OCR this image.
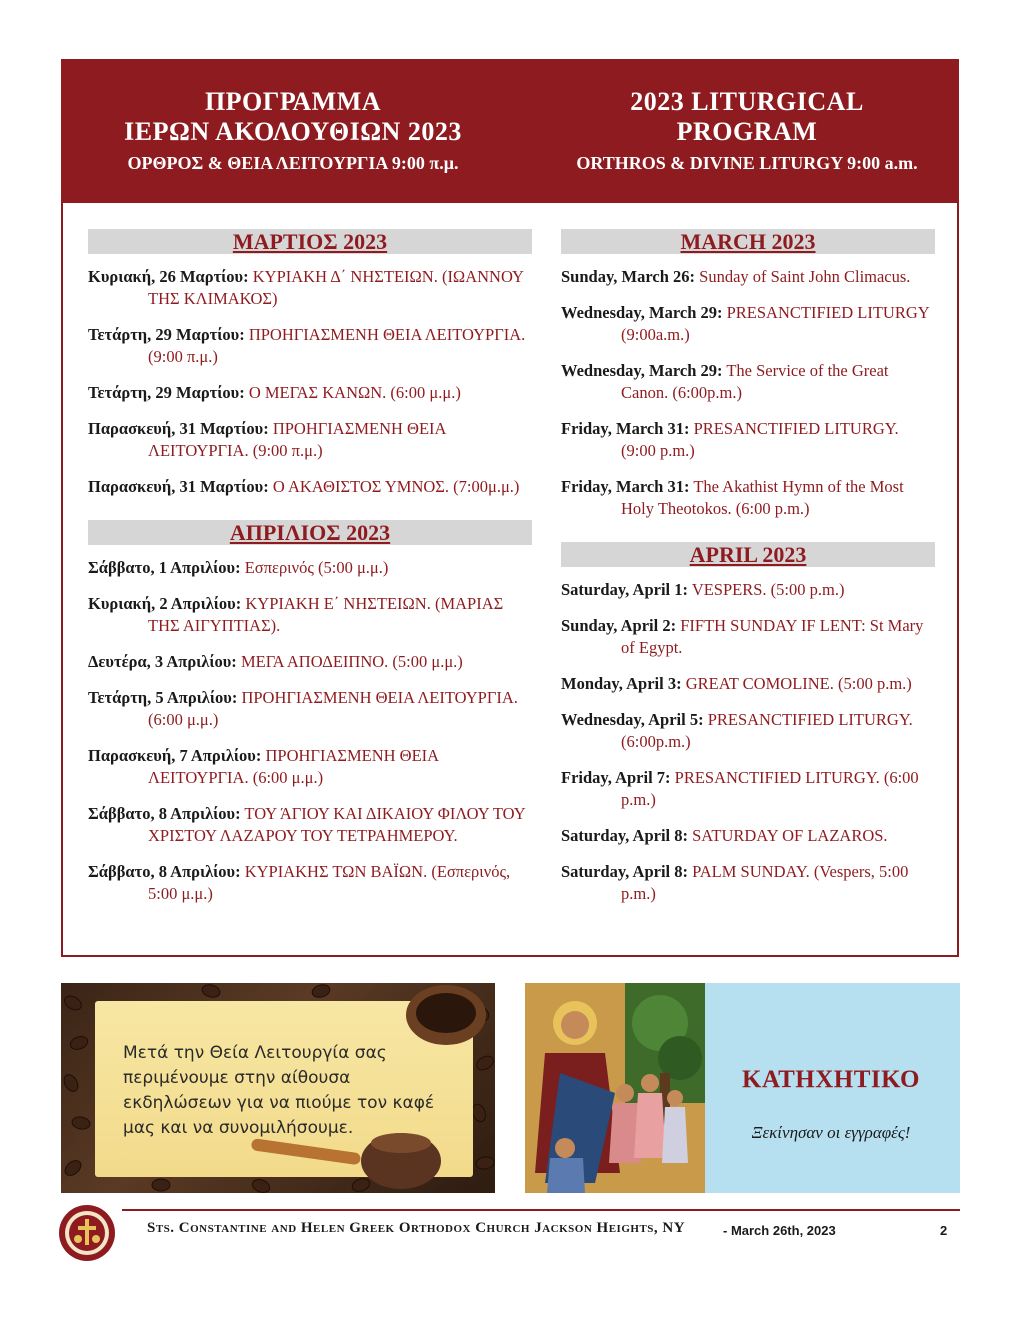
ΠΡΟΓΡΑΜΜΑ
ΙΕΡΩΝ ΑΚΟΛΟΥΘΙΩΝ 2023
ΟΡΘΡΟΣ & ΘΕΙΑ ΛΕΙΤΟΥΡΓΙΑ 9:00 π.μ.
2023 LITURGICAL
PROGRAM
ORTHROS & DIVINE LITURGY 9:00 a.m.
ΜΑΡΤΙΟΣ 2023
Κυριακή, 26 Μαρτίου: ΚΥΡΙΑΚΗ Δ΄ ΝΗΣΤΕΙΩΝ. (ΙΩΑΝΝΟΥ ΤΗΣ ΚΛΙΜΑΚΟΣ)
Τετάρτη, 29 Μαρτίου: ΠΡΟΗΓΙΑΣΜΕΝΗ ΘΕΙΑ ΛΕΙΤΟΥΡΓΙΑ. (9:00 π.μ.)
Τετάρτη, 29 Μαρτίου: Ο ΜΕΓΑΣ ΚΑΝΩΝ. (6:00 μ.μ.)
Παρασκευή, 31 Μαρτίου: ΠΡΟΗΓΙΑΣΜΕΝΗ ΘΕΙΑ ΛΕΙΤΟΥΡΓΙΑ. (9:00 π.μ.)
Παρασκευή, 31 Μαρτίου: Ο ΑΚΑΘΙΣΤΟΣ ΥΜΝΟΣ. (7:00μ.μ.)
ΑΠΡΙΛΙΟΣ 2023
Σάββατο, 1 Απριλίου: Εσπερινός (5:00 μ.μ.)
Κυριακή, 2 Απριλίου: ΚΥΡΙΑΚΗ Ε΄ ΝΗΣΤΕΙΩΝ. (ΜΑΡΙΑΣ ΤΗΣ ΑΙΓΥΠΤΙΑΣ).
Δευτέρα, 3 Απριλίου: ΜΕΓΑ ΑΠΟΔΕΙΠΝΟ. (5:00 μ.μ.)
Τετάρτη, 5 Απριλίου: ΠΡΟΗΓΙΑΣΜΕΝΗ ΘΕΙΑ ΛΕΙΤΟΥΡΓΙΑ. (6:00 μ.μ.)
Παρασκευή, 7 Απριλίου: ΠΡΟΗΓΙΑΣΜΕΝΗ ΘΕΙΑ ΛΕΙΤΟΥΡΓΙΑ. (6:00 μ.μ.)
Σάββατο, 8 Απριλίου: ΤΟΥ ΆΓΙΟΥ ΚΑΙ ΔΙΚΑΙΟΥ ΦΙΛΟΥ ΤΟΥ ΧΡΙΣΤΟΥ ΛΑΖΑΡΟΥ ΤΟΥ ΤΕΤΡΑΗΜΕΡΟΥ.
Σάββατο, 8 Απριλίου: ΚΥΡΙΑΚΗΣ ΤΩΝ ΒΑΪΩΝ. (Εσπερινός, 5:00 μ.μ.)
MARCH 2023
Sunday, March 26: Sunday of Saint John Climacus.
Wednesday, March 29: PRESANCTIFIED LITURGY (9:00a.m.)
Wednesday, March 29: The Service of the Great Canon. (6:00p.m.)
Friday, March 31: PRESANCTIFIED LITURGY. (9:00 p.m.)
Friday, March 31: The Akathist Hymn of the Most Holy Theotokos. (6:00 p.m.)
APRIL 2023
Saturday, April 1: VESPERS. (5:00 p.m.)
Sunday, April 2: FIFTH SUNDAY IF LENT: St Mary of Egypt.
Monday, April 3: GREAT COMOLINE. (5:00 p.m.)
Wednesday, April 5: PRESANCTIFIED LITURGY. (6:00p.m.)
Friday, April 7: PRESANCTIFIED LITURGY. (6:00 p.m.)
Saturday, April 8: SATURDAY OF LAZAROS.
Saturday, April 8: PALM SUNDAY. (Vespers, 5:00 p.m.)
Μετά την Θεία Λειτουργία σας περιμένουμε στην αίθουσα εκδηλώσεων για να πιούμε τον καφέ μας και να συνομιλήσουμε.
ΚΑΤΗΧΗΤΙΚΟ
Ξεκίνησαν οι εγγραφές!
Sts. Constantine and Helen Greek Orthodox Church Jackson Heights, NY	- March 26th, 2023	2
